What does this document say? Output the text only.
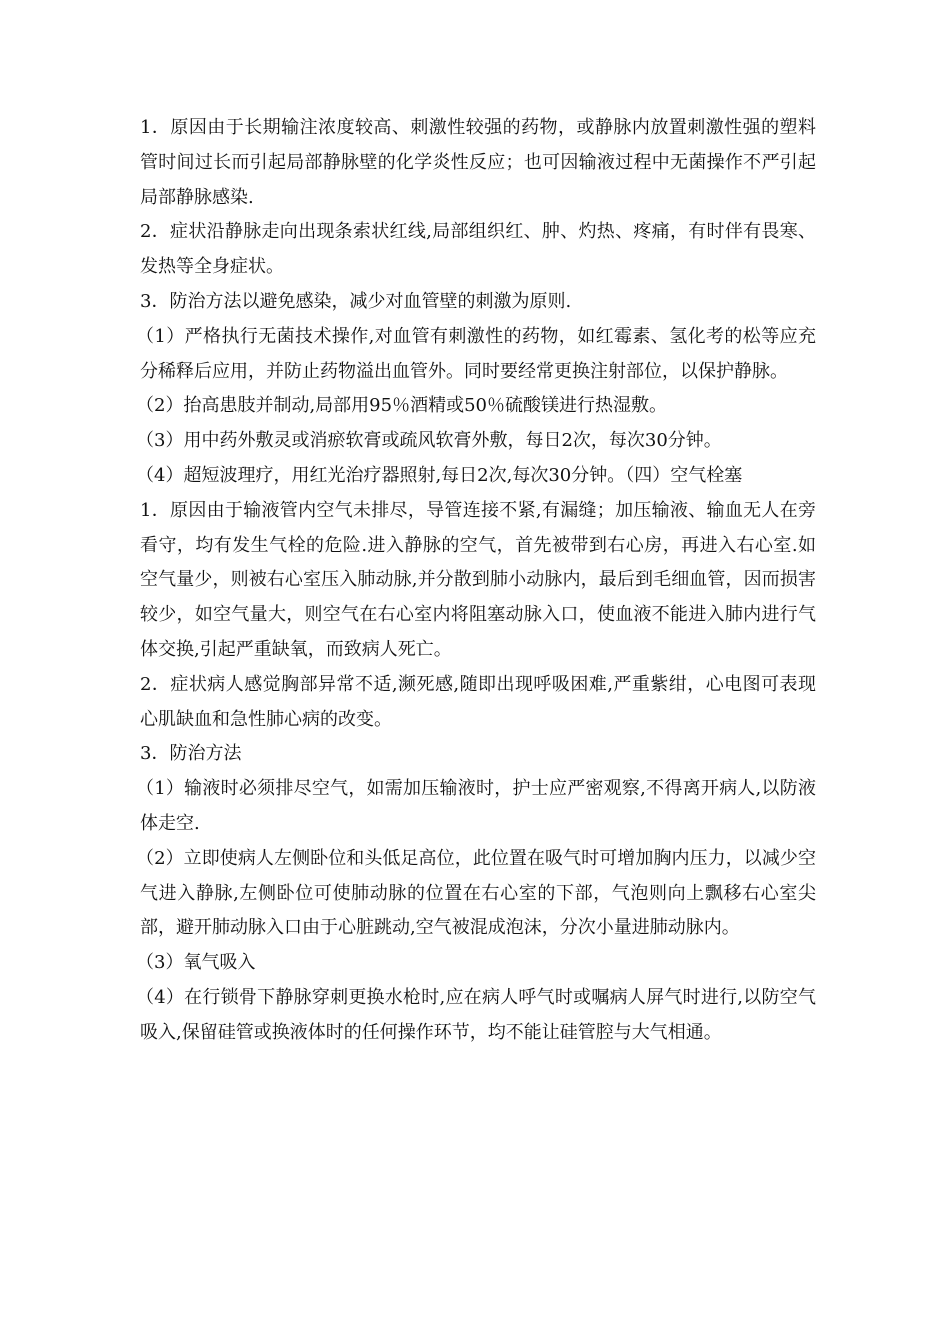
1．原因由于长期输注浓度较高、刺激性较强的药物，或静脉内放置刺激性强的塑料管时间过长而引起局部静脉壁的化学炎性反应；也可因输液过程中无菌操作不严引起局部静脉感染.

2．症状沿静脉走向出现条索状红线,局部组织红、肿、灼热、疼痛，有时伴有畏寒、发热等全身症状。

3．防治方法以避免感染，减少对血管壁的刺激为原则.

（1）严格执行无菌技术操作,对血管有刺激性的药物，如红霉素、氢化考的松等应充分稀释后应用，并防止药物溢出血管外。同时要经常更换注射部位，以保护静脉。

（2）抬高患肢并制动,局部用95％酒精或50％硫酸镁进行热湿敷。

（3）用中药外敷灵或消瘀软膏或疏风软膏外敷，每日2次，每次30分钟。

（4）超短波理疗，用红光治疗器照射,每日2次,每次30分钟。（四）空气栓塞

1．原因由于输液管内空气未排尽，导管连接不紧,有漏缝；加压输液、输血无人在旁看守，均有发生气栓的危险.进入静脉的空气，首先被带到右心房，再进入右心室.如空气量少，则被右心室压入肺动脉,并分散到肺小动脉内，最后到毛细血管，因而损害较少，如空气量大，则空气在右心室内将阻塞动脉入口，使血液不能进入肺内进行气体交换,引起严重缺氧，而致病人死亡。

2．症状病人感觉胸部异常不适,濒死感,随即出现呼吸困难,严重紫绀，心电图可表现心肌缺血和急性肺心病的改变。

3．防治方法

（1）输液时必须排尽空气，如需加压输液时，护士应严密观察,不得离开病人,以防液体走空.

（2）立即使病人左侧卧位和头低足高位，此位置在吸气时可增加胸内压力，以减少空气进入静脉,左侧卧位可使肺动脉的位置在右心室的下部，气泡则向上飘移右心室尖部，避开肺动脉入口由于心脏跳动,空气被混成泡沫，分次小量进肺动脉内。

（3）氧气吸入

（4）在行锁骨下静脉穿刺更换水枪时,应在病人呼气时或嘱病人屏气时进行,以防空气吸入,保留硅管或换液体时的任何操作环节，均不能让硅管腔与大气相通。
